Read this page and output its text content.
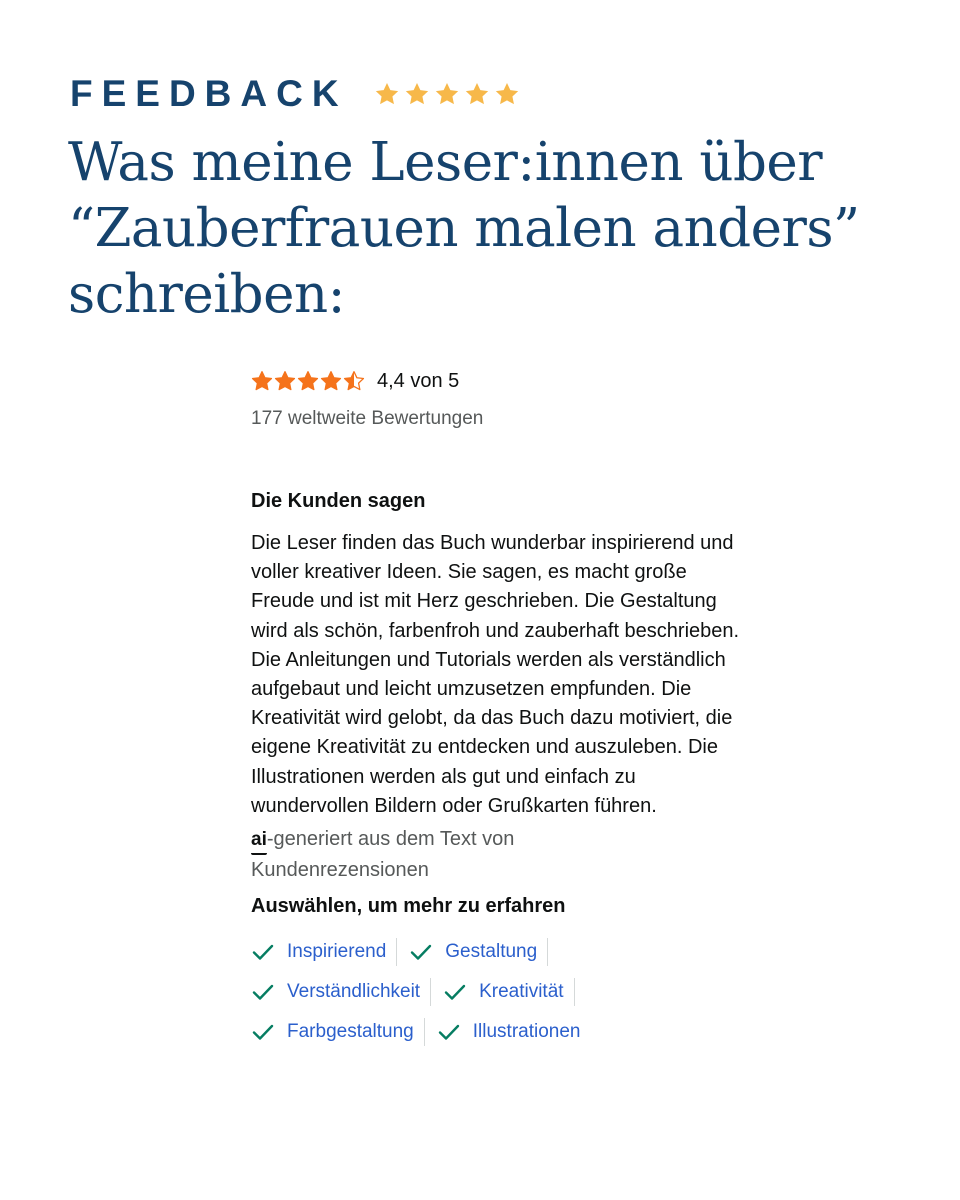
FEEDBACK
Was meine Leser:innen über
“Zauberfrauen malen anders”
schreiben:
4,4 von 5
177 weltweite Bewertungen
Die Kunden sagen
Die Leser finden das Buch wunderbar inspirierend und voller kreativer Ideen. Sie sagen, es macht große Freude und ist mit Herz geschrieben. Die Gestaltung wird als schön, farbenfroh und zauberhaft beschrieben. Die Anleitungen und Tutorials werden als verständlich aufgebaut und leicht umzusetzen empfunden. Die Kreativität wird gelobt, da das Buch dazu motiviert, die eigene Kreativität zu entdecken und auszuleben. Die Illustrationen werden als gut und einfach zu wundervollen Bildern oder Grußkarten führen.
ai-generiert aus dem Text von Kundenrezensionen
Auswählen, um mehr zu erfahren
Inspirierend	Gestaltung
Verständlichkeit	Kreativität
Farbgestaltung	Illustrationen
